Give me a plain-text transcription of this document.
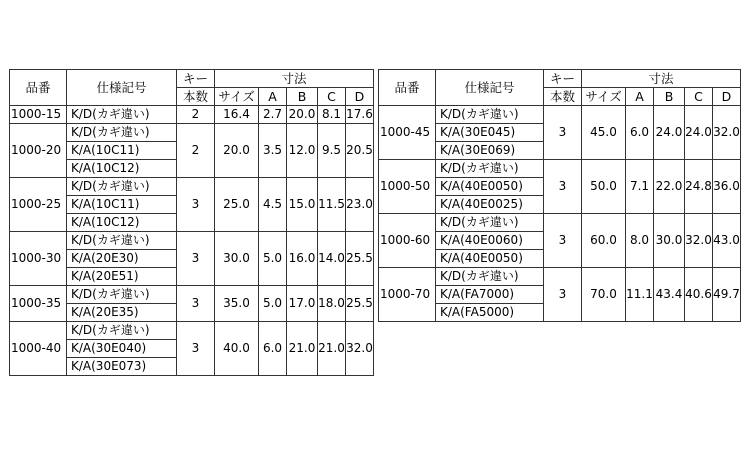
品番	仕様記号	キー	寸法				
		本数	サイズ	A	B	C	D
1000-15	K/D(カギ違い)	2	16.4	2.7	20.0	8.1	17.6
1000-20	K/D(カギ違い)	2	20.0	3.5	12.0	9.5	20.5
	K/A(10C11)						
	K/A(10C12)						
1000-25	K/D(カギ違い)	3	25.0	4.5	15.0	11.5	23.0
	K/A(10C11)						
	K/A(10C12)						
1000-30	K/D(カギ違い)	3	30.0	5.0	16.0	14.0	25.5
	K/A(20E30)						
	K/A(20E51)						
1000-35	K/D(カギ違い)	3	35.0	5.0	17.0	18.0	25.5
	K/A(20E35)						
1000-40	K/D(カギ違い)	3	40.0	6.0	21.0	21.0	32.0
	K/A(30E040)						
	K/A(30E073)						
品番	仕様記号	キー	寸法				
		本数	サイズ	A	B	C	D
1000-45	K/D(カギ違い)	3	45.0	6.0	24.0	24.0	32.0
	K/A(30E045)						
	K/A(30E069)						
1000-50	K/D(カギ違い)	3	50.0	7.1	22.0	24.8	36.0
	K/A(40E0050)						
	K/A(40E0025)						
1000-60	K/D(カギ違い)	3	60.0	8.0	30.0	32.0	43.0
	K/A(40E0060)						
	K/A(40E0050)						
1000-70	K/D(カギ違い)	3	70.0	11.1	43.4	40.6	49.7
	K/A(FA7000)						
	K/A(FA5000)						
